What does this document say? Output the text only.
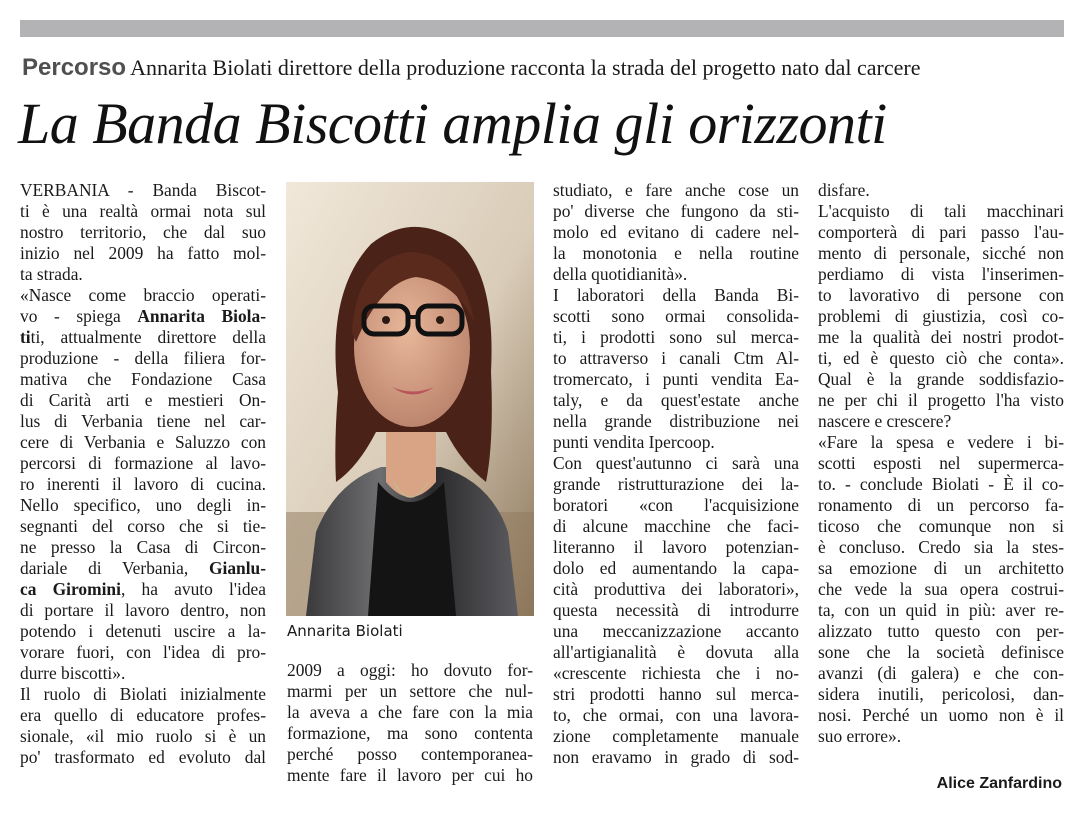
Percorso Annarita Biolati direttore della produzione racconta la strada del progetto nato dal carcere
La Banda Biscotti amplia gli orizzonti
VERBANIA - Banda Biscot-
ti è una realtà ormai nota sul
nostro territorio, che dal suo
inizio nel 2009 ha fatto mol-
ta strada.
«Nasce come braccio operati-
vo - spiega Annarita Biola-
titi, attualmente direttore della
produzione - della filiera for-
mativa che Fondazione Casa
di Carità arti e mestieri On-
lus di Verbania tiene nel car-
cere di Verbania e Saluzzo con
percorsi di formazione al lavo-
ro inerenti il lavoro di cucina.
Nello specifico, uno degli in-
segnanti del corso che si tie-
ne presso la Casa di Circon-
dariale di Verbania, Gianlu-
ca Giromini, ha avuto l'idea
di portare il lavoro dentro, non
potendo i detenuti uscire a la-
vorare fuori, con l'idea di pro-
durre biscotti».
Il ruolo di Biolati inizialmente
era quello di educatore profes-
sionale, «il mio ruolo si è un
po' trasformato ed evoluto dal
Annarita Biolati
2009 a oggi: ho dovuto for-
marmi per un settore che nul-
la aveva a che fare con la mia
formazione, ma sono contenta
perché posso contemporanea-
mente fare il lavoro per cui ho
studiato, e fare anche cose un
po' diverse che fungono da sti-
molo ed evitano di cadere nel-
la monotonia e nella routine
della quotidianità».
I laboratori della Banda Bi-
scotti sono ormai consolida-
ti, i prodotti sono sul merca-
to attraverso i canali Ctm Al-
tromercato, i punti vendita Ea-
taly, e da quest'estate anche
nella grande distribuzione nei
punti vendita Ipercoop.
Con quest'autunno ci sarà una
grande ristrutturazione dei la-
boratori «con l'acquisizione
di alcune macchine che faci-
literanno il lavoro potenzian-
dolo ed aumentando la capa-
cità produttiva dei laboratori»,
questa necessità di introdurre
una meccanizzazione accanto
all'artigianalità è dovuta alla
«crescente richiesta che i no-
stri prodotti hanno sul merca-
to, che ormai, con una lavora-
zione completamente manuale
non eravamo in grado di sod-
disfare.
L'acquisto di tali macchinari
comporterà di pari passo l'au-
mento di personale, sicché non
perdiamo di vista l'inserimen-
to lavorativo di persone con
problemi di giustizia, così co-
me la qualità dei nostri prodot-
ti, ed è questo ciò che conta».
Qual è la grande soddisfazio-
ne per chi il progetto l'ha visto
nascere e crescere?
«Fare la spesa e vedere i bi-
scotti esposti nel supermerca-
to. - conclude Biolati - È il co-
ronamento di un percorso fa-
ticoso che comunque non si
è concluso. Credo sia la stes-
sa emozione di un architetto
che vede la sua opera costrui-
ta, con un quid in più: aver re-
alizzato tutto questo con per-
sone che la società definisce
avanzi (di galera) e che con-
sidera inutili, pericolosi, dan-
nosi. Perché un uomo non è il
suo errore».
Alice Zanfardino
